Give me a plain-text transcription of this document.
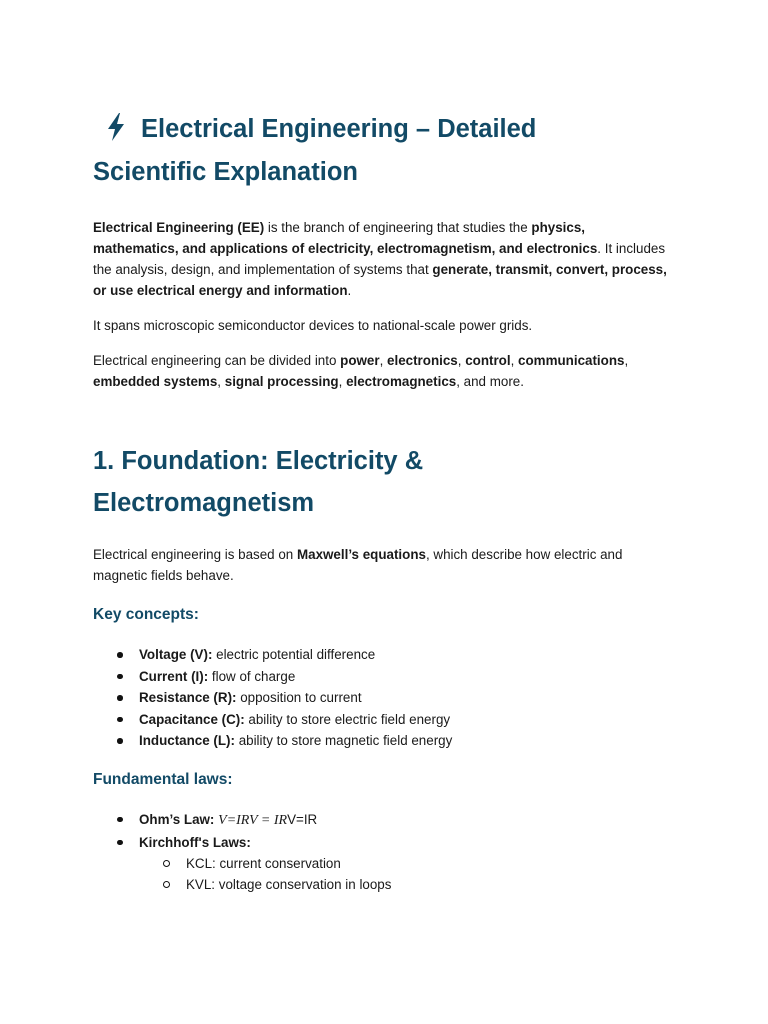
Electrical Engineering – Detailed
Scientific Explanation

Electrical Engineering (EE) is the branch of engineering that studies the physics, mathematics, and applications of electricity, electromagnetism, and electronics. It includes the analysis, design, and implementation of systems that generate, transmit, convert, process, or use electrical energy and information.

It spans microscopic semiconductor devices to national-scale power grids.

Electrical engineering can be divided into power, electronics, control, communications, embedded systems, signal processing, electromagnetics, and more.

1. Foundation: Electricity &
Electromagnetism

Electrical engineering is based on Maxwell’s equations, which describe how electric and magnetic fields behave.

Key concepts:
Voltage (V): electric potential difference
Current (I): flow of charge
Resistance (R): opposition to current
Capacitance (C): ability to store electric field energy
Inductance (L): ability to store magnetic field energy
Fundamental laws:
Ohm’s Law: V=IRV = IRV=IR
Kirchhoff's Laws:
KCL: current conservation
KVL: voltage conservation in loops
